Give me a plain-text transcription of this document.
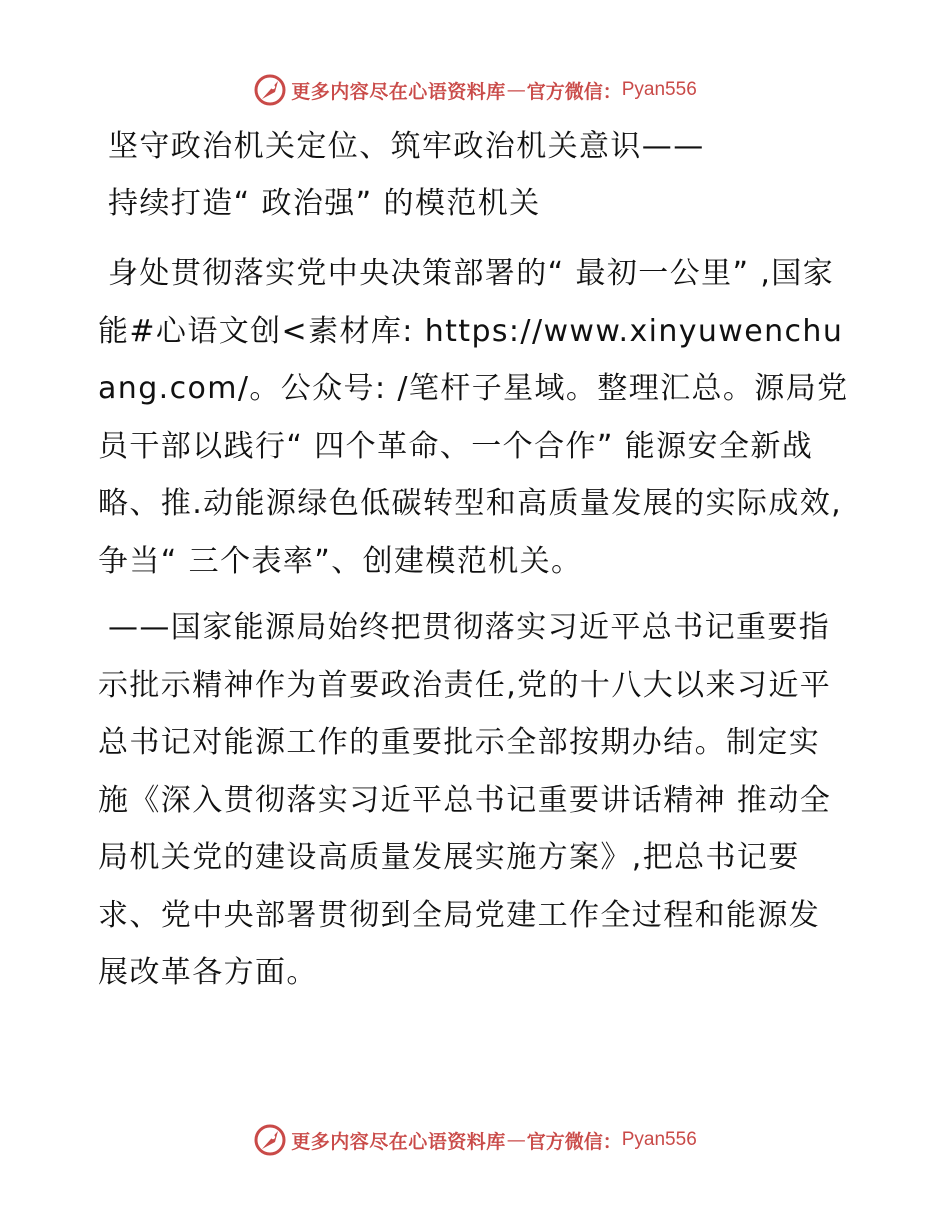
更多内容尽在心语资料库 — 官方微信： Pyan556

坚守政治机关定位、筑牢政治机关意识——

持续打造“ 政治强” 的模范机关

身处贯彻落实党中央决策部署的“ 最初一公里” ,国家能#心语文创<素材库: https://www.xinyuwenchuang.com/。公众号: /笔杆子星域。整理汇总。源局党员干部以践行“ 四个革命、一个合作” 能源安全新战略、推.动能源绿色低碳转型和高质量发展的实际成效,争当“ 三个表率”、创建模范机关。

——国家能源局始终把贯彻落实习近平总书记重要指示批示精神作为首要政治责任,党的十八大以来习近平总书记对能源工作的重要批示全部按期办结。制定实施《深入贯彻落实习近平总书记重要讲话精神 推动全局机关党的建设高质量发展实施方案》,把总书记要求、党中央部署贯彻到全局党建工作全过程和能源发展改革各方面。

更多内容尽在心语资料库 — 官方微信： Pyan556
